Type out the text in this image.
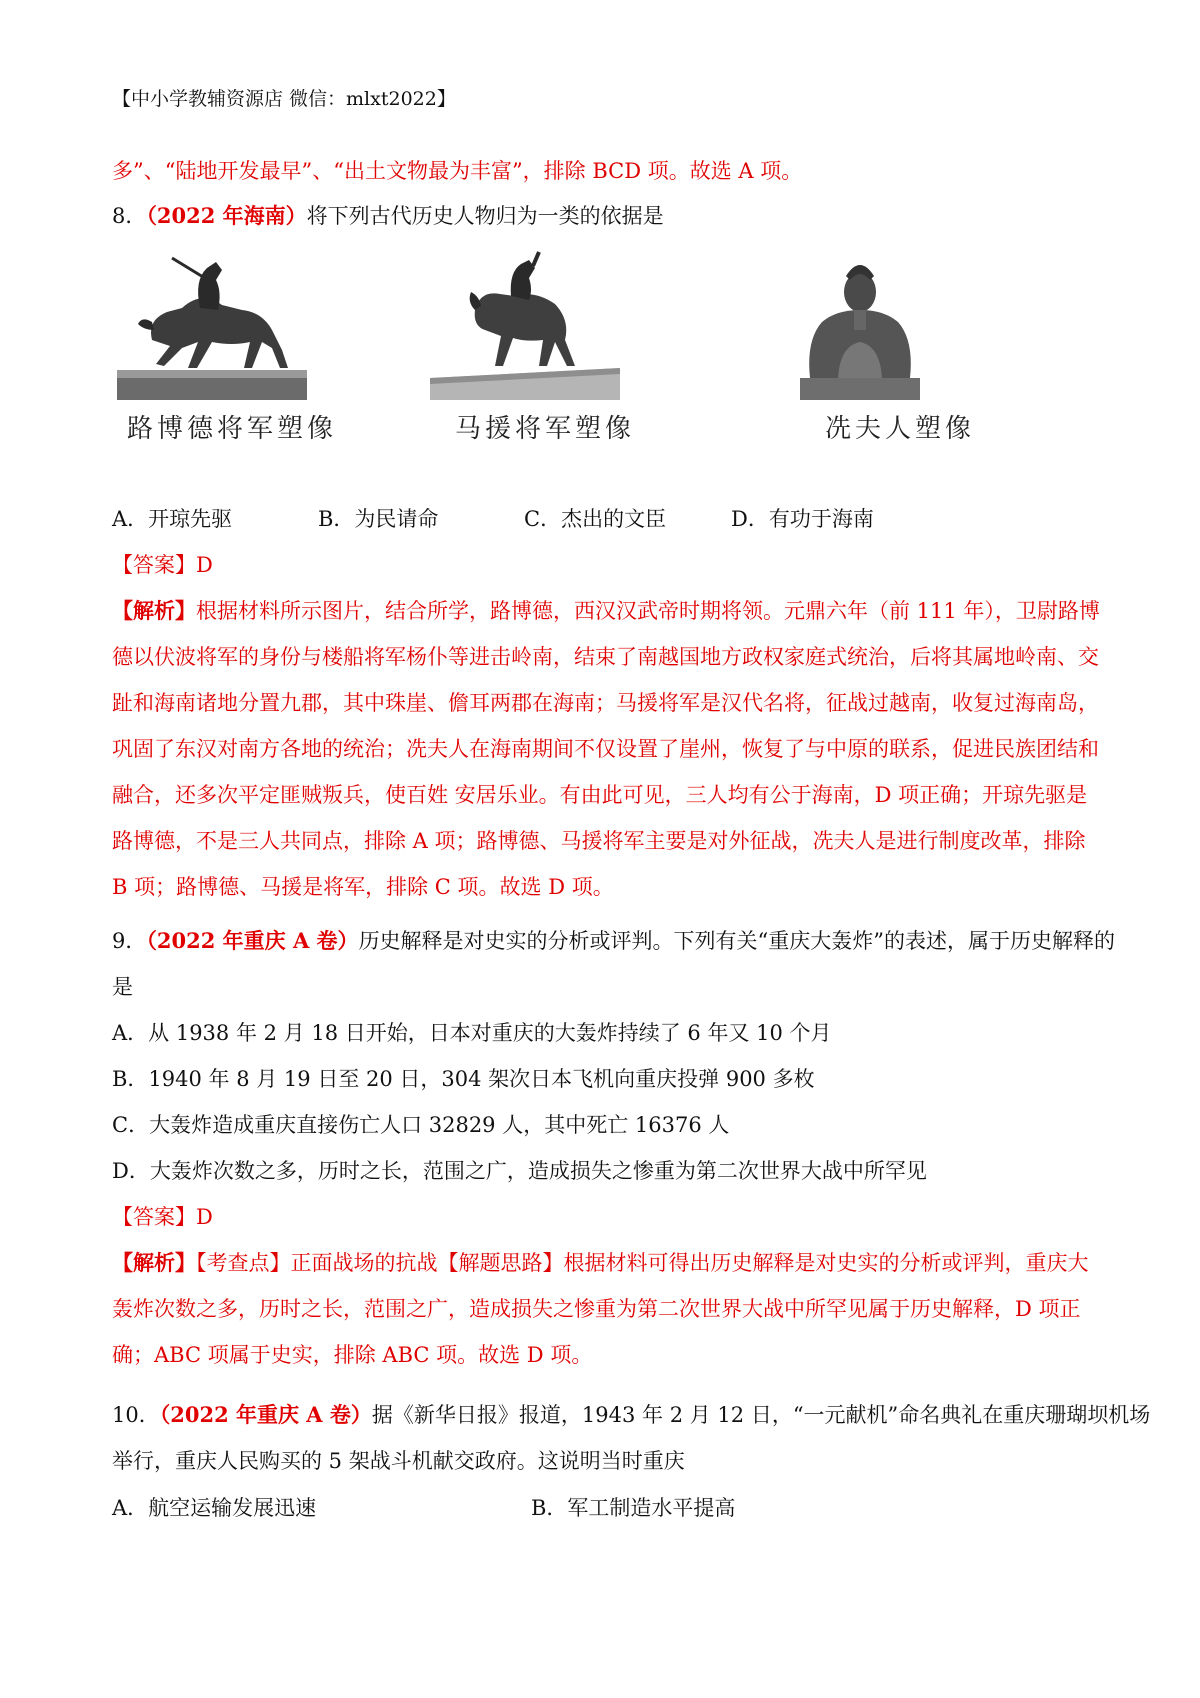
【中小学教辅资源店 微信：mlxt2022】
多”、“陆地开发最早”、“出土文物最为丰富”，排除 BCD 项。故选 A 项。
8．（2022 年海南）将下列古代历史人物归为一类的依据是
路博德将军塑像	马援将军塑像	冼夫人塑像
A．开琼先驱	B．为民请命	C．杰出的文臣	D．有功于海南
【答案】D
【解析】根据材料所示图片，结合所学，路博德，西汉汉武帝时期将领。元鼎六年（前 111 年），卫尉路博德以伏波将军的身份与楼船将军杨仆等进击岭南，结束了南越国地方政权家庭式统治，后将其属地岭南、交趾和海南诸地分置九郡，其中珠崖、儋耳两郡在海南；马援将军是汉代名将，征战过越南，收复过海南岛，巩固了东汉对南方各地的统治；冼夫人在海南期间不仅设置了崖州，恢复了与中原的联系，促进民族团结和融合，还多次平定匪贼叛兵，使百姓 安居乐业。有由此可见，三人均有公于海南，D 项正确；开琼先驱是路博德，不是三人共同点，排除 A 项；路博德、马援将军主要是对外征战，冼夫人是进行制度改革，排除 B 项；路博德、马援是将军，排除 C 项。故选 D 项。
9．（2022 年重庆 A 卷）历史解释是对史实的分析或评判。下列有关“重庆大轰炸”的表述，属于历史解释的
是
A．从 1938 年 2 月 18 日开始，日本对重庆的大轰炸持续了 6 年又 10 个月
B．1940 年 8 月 19 日至 20 日，304 架次日本飞机向重庆投弹 900 多枚
C．大轰炸造成重庆直接伤亡人口 32829 人，其中死亡 16376 人
D．大轰炸次数之多，历时之长，范围之广，造成损失之惨重为第二次世界大战中所罕见
【答案】D
【解析】【考查点】正面战场的抗战【解题思路】根据材料可得出历史解释是对史实的分析或评判，重庆大轰炸次数之多，历时之长，范围之广，造成损失之惨重为第二次世界大战中所罕见属于历史解释，D 项正确；ABC 项属于史实，排除 ABC 项。故选 D 项。
10．（2022 年重庆 A 卷）据《新华日报》报道，1943 年 2 月 12 日，“一元献机”命名典礼在重庆珊瑚坝机场
举行，重庆人民购买的 5 架战斗机献交政府。这说明当时重庆
A．航空运输发展迅速	B．军工制造水平提高
